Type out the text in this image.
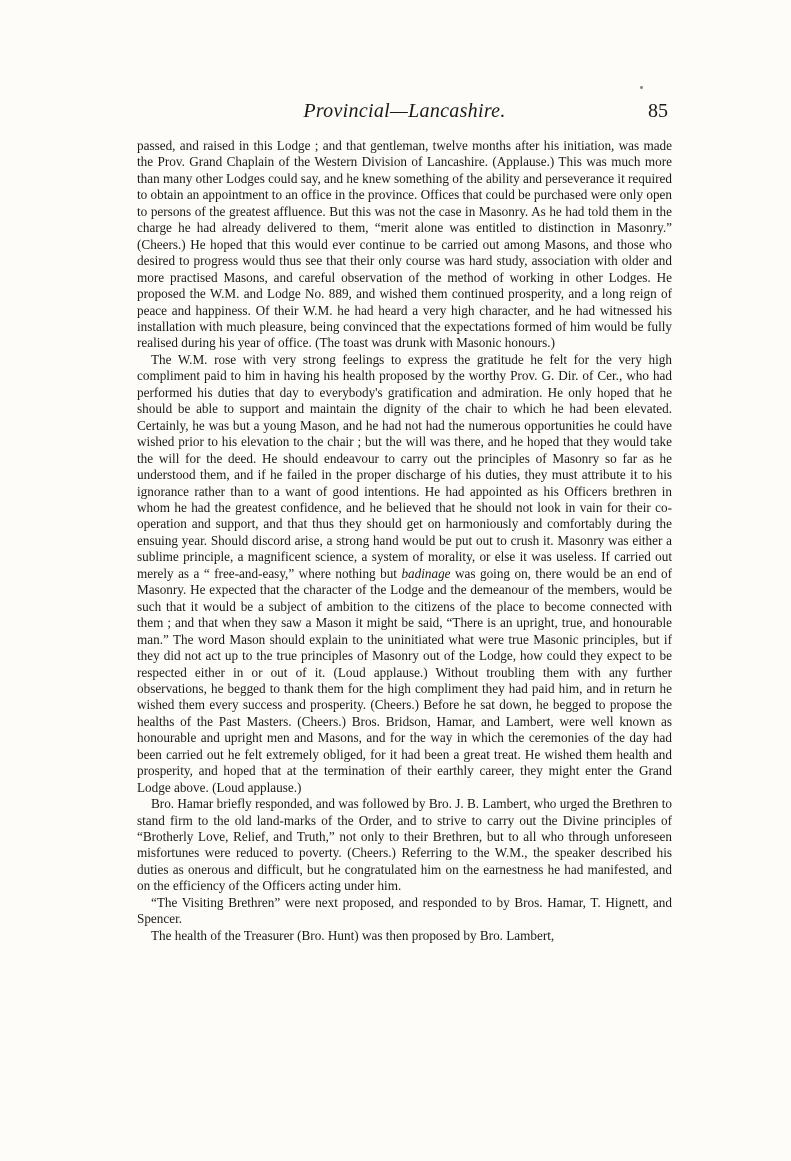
Provincial—Lancashire.	85

passed, and raised in this Lodge ; and that gentleman, twelve months after his initiation, was made the Prov. Grand Chaplain of the Western Division of Lancashire. (Applause.) This was much more than many other Lodges could say, and he knew something of the ability and perseverance it required to obtain an appointment to an office in the province. Offices that could be purchased were only open to persons of the greatest affluence. But this was not the case in Masonry. As he had told them in the charge he had already delivered to them, “merit alone was entitled to distinction in Masonry.” (Cheers.) He hoped that this would ever continue to be carried out among Masons, and those who desired to progress would thus see that their only course was hard study, association with older and more practised Masons, and careful observation of the method of working in other Lodges. He proposed the W.M. and Lodge No. 889, and wished them continued prosperity, and a long reign of peace and happiness. Of their W.M. he had heard a very high character, and he had witnessed his installation with much pleasure, being convinced that the expectations formed of him would be fully realised during his year of office. (The toast was drunk with Masonic honours.)

The W.M. rose with very strong feelings to express the gratitude he felt for the very high compliment paid to him in having his health proposed by the worthy Prov. G. Dir. of Cer., who had performed his duties that day to everybody's gratification and admiration. He only hoped that he should be able to support and maintain the dignity of the chair to which he had been elevated. Certainly, he was but a young Mason, and he had not had the numerous opportunities he could have wished prior to his elevation to the chair ; but the will was there, and he hoped that they would take the will for the deed. He should endeavour to carry out the principles of Masonry so far as he understood them, and if he failed in the proper discharge of his duties, they must attribute it to his ignorance rather than to a want of good intentions. He had appointed as his Officers brethren in whom he had the greatest confidence, and he believed that he should not look in vain for their co-operation and support, and that thus they should get on harmoniously and comfortably during the ensuing year. Should discord arise, a strong hand would be put out to crush it. Masonry was either a sublime principle, a magnificent science, a system of morality, or else it was useless. If carried out merely as a “ free-and-easy,” where nothing but badinage was going on, there would be an end of Masonry. He expected that the character of the Lodge and the demeanour of the members, would be such that it would be a subject of ambition to the citizens of the place to become connected with them ; and that when they saw a Mason it might be said, “There is an upright, true, and honourable man.” The word Mason should explain to the uninitiated what were true Masonic principles, but if they did not act up to the true principles of Masonry out of the Lodge, how could they expect to be respected either in or out of it. (Loud applause.) Without troubling them with any further observations, he begged to thank them for the high compliment they had paid him, and in return he wished them every success and prosperity. (Cheers.) Before he sat down, he begged to propose the healths of the Past Masters. (Cheers.) Bros. Bridson, Hamar, and Lambert, were well known as honourable and upright men and Masons, and for the way in which the ceremonies of the day had been carried out he felt extremely obliged, for it had been a great treat. He wished them health and prosperity, and hoped that at the termination of their earthly career, they might enter the Grand Lodge above. (Loud applause.)

Bro. Hamar briefly responded, and was followed by Bro. J. B. Lambert, who urged the Brethren to stand firm to the old land-marks of the Order, and to strive to carry out the Divine principles of “Brotherly Love, Relief, and Truth,” not only to their Brethren, but to all who through unforeseen misfortunes were reduced to poverty. (Cheers.) Referring to the W.M., the speaker described his duties as onerous and difficult, but he congratulated him on the earnestness he had manifested, and on the efficiency of the Officers acting under him.

“The Visiting Brethren” were next proposed, and responded to by Bros. Hamar, T. Hignett, and Spencer.

The health of the Treasurer (Bro. Hunt) was then proposed by Bro. Lambert,
